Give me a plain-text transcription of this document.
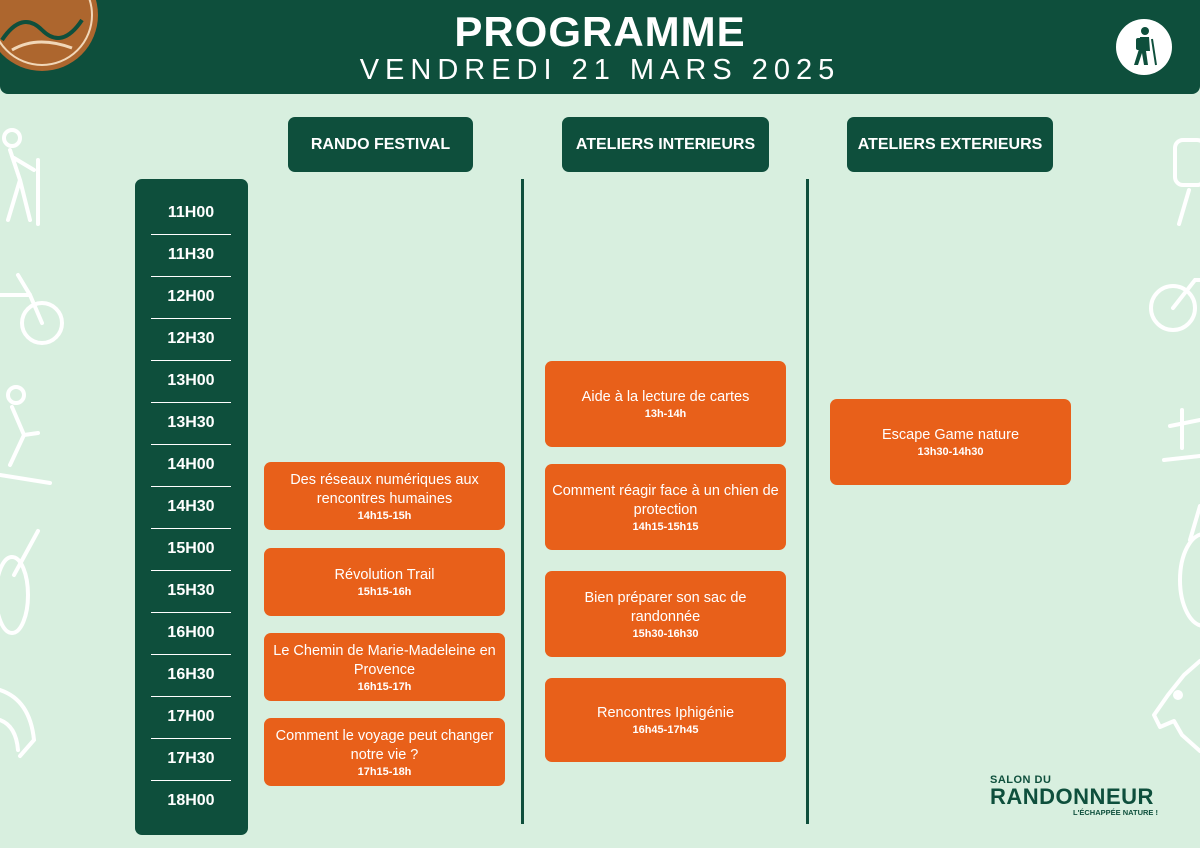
PROGRAMME
VENDREDI 21 MARS 2025
RANDO FESTIVAL	ATELIERS INTERIEURS	ATELIERS EXTERIEURS
11H00
11H30
12H00
12H30
13H00
13H30
14H00
14H30
15H00
15H30
16H00
16H30
17H00
17H30
18H00
Des réseaux numériques aux rencontres humaines
14h15-15h
Révolution Trail
15h15-16h
Le Chemin de Marie-Madeleine en Provence
16h15-17h
Comment le voyage peut changer notre vie ?
17h15-18h
Aide à la lecture de cartes
13h-14h
Comment réagir face à un chien de protection
14h15-15h15
Bien préparer son sac de randonnée
15h30-16h30
Rencontres Iphigénie
16h45-17h45
Escape Game nature
13h30-14h30
SALON DU
RANDONNEUR
L'ÉCHAPPÉE NATURE !
